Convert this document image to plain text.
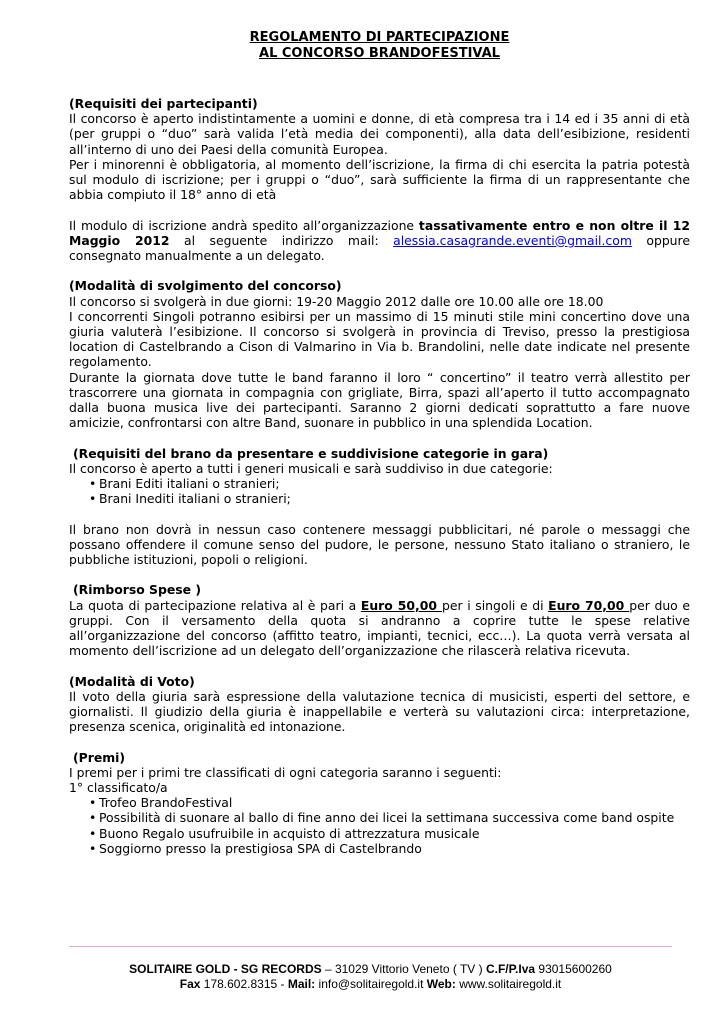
REGOLAMENTO DI PARTECIPAZIONE
AL CONCORSO BRANDOFESTIVAL
(Requisiti dei partecipanti)

Il concorso è aperto indistintamente a uomini e donne, di età compresa tra i 14 ed i 35 anni di età (per gruppi o “duo” sarà valida l’età media dei componenti), alla data dell’esibizione, residenti all’interno di uno dei Paesi della comunità Europea.

Per i minorenni è obbligatoria, al momento dell’iscrizione, la firma di chi esercita la patria potestà sul modulo di iscrizione; per i gruppi o “duo”, sarà sufficiente la firma di un rappresentante che abbia compiuto il 18° anno di età

Il modulo di iscrizione andrà spedito all’organizzazione tassativamente entro e non oltre il 12 Maggio 2012 al seguente indirizzo mail: alessia.casagrande.eventi@gmail.com oppure consegnato manualmente a un delegato.

(Modalità di svolgimento del concorso)

Il concorso si svolgerà in due giorni: 19-20 Maggio 2012 dalle ore 10.00 alle ore 18.00

I concorrenti Singoli potranno esibirsi per un massimo di 15 minuti stile mini concertino dove una giuria valuterà l’esibizione. Il concorso si svolgerà in provincia di Treviso, presso la prestigiosa location di Castelbrando a Cison di Valmarino in Via b. Brandolini, nelle date indicate nel presente regolamento.

Durante la giornata dove tutte le band faranno il loro “ concertino” il teatro verrà allestito per trascorrere una giornata in compagnia con grigliate, Birra, spazi all’aperto il tutto accompagnato dalla buona musica live dei partecipanti. Saranno 2 giorni dedicati soprattutto a fare nuove amicizie, confrontarsi con altre Band, suonare in pubblico in una splendida Location.

(Requisiti del brano da presentare e suddivisione categorie in gara)

Il concorso è aperto a tutti i generi musicali e sarà suddiviso in due categorie:

• Brani Editi italiani o stranieri;
• Brani Inediti italiani o stranieri;

Il brano non dovrà in nessun caso contenere messaggi pubblicitari, né parole o messaggi che possano offendere il comune senso del pudore, le persone, nessuno Stato italiano o straniero, le pubbliche istituzioni, popoli o religioni.

(Rimborso Spese )

La quota di partecipazione relativa al è pari a Euro 50,00 per i singoli e di Euro 70,00 per duo e gruppi. Con il versamento della quota si andranno a coprire tutte le spese relative all’organizzazione del concorso (affitto teatro, impianti, tecnici, ecc…). La quota verrà versata al momento dell’iscrizione ad un delegato dell’organizzazione che rilascerà relativa ricevuta.

(Modalità di Voto)

Il voto della giuria sarà espressione della valutazione tecnica di musicisti, esperti del settore, e giornalisti. Il giudizio della giuria è inappellabile e verterà su valutazioni circa: interpretazione, presenza scenica, originalità ed intonazione.

(Premi)

I premi per i primi tre classificati di ogni categoria saranno i seguenti:

1° classificato/a

• Trofeo BrandoFestival
• Possibilità di suonare al ballo di fine anno dei licei la settimana successiva come band ospite
• Buono Regalo usufruibile in acquisto di attrezzatura musicale
• Soggiorno presso la prestigiosa SPA di Castelbrando
SOLITAIRE GOLD - SG RECORDS – 31029 Vittorio Veneto ( TV ) C.F/P.Iva 93015600260
Fax 178.602.8315 - Mail: info@solitairegold.it Web: www.solitairegold.it
